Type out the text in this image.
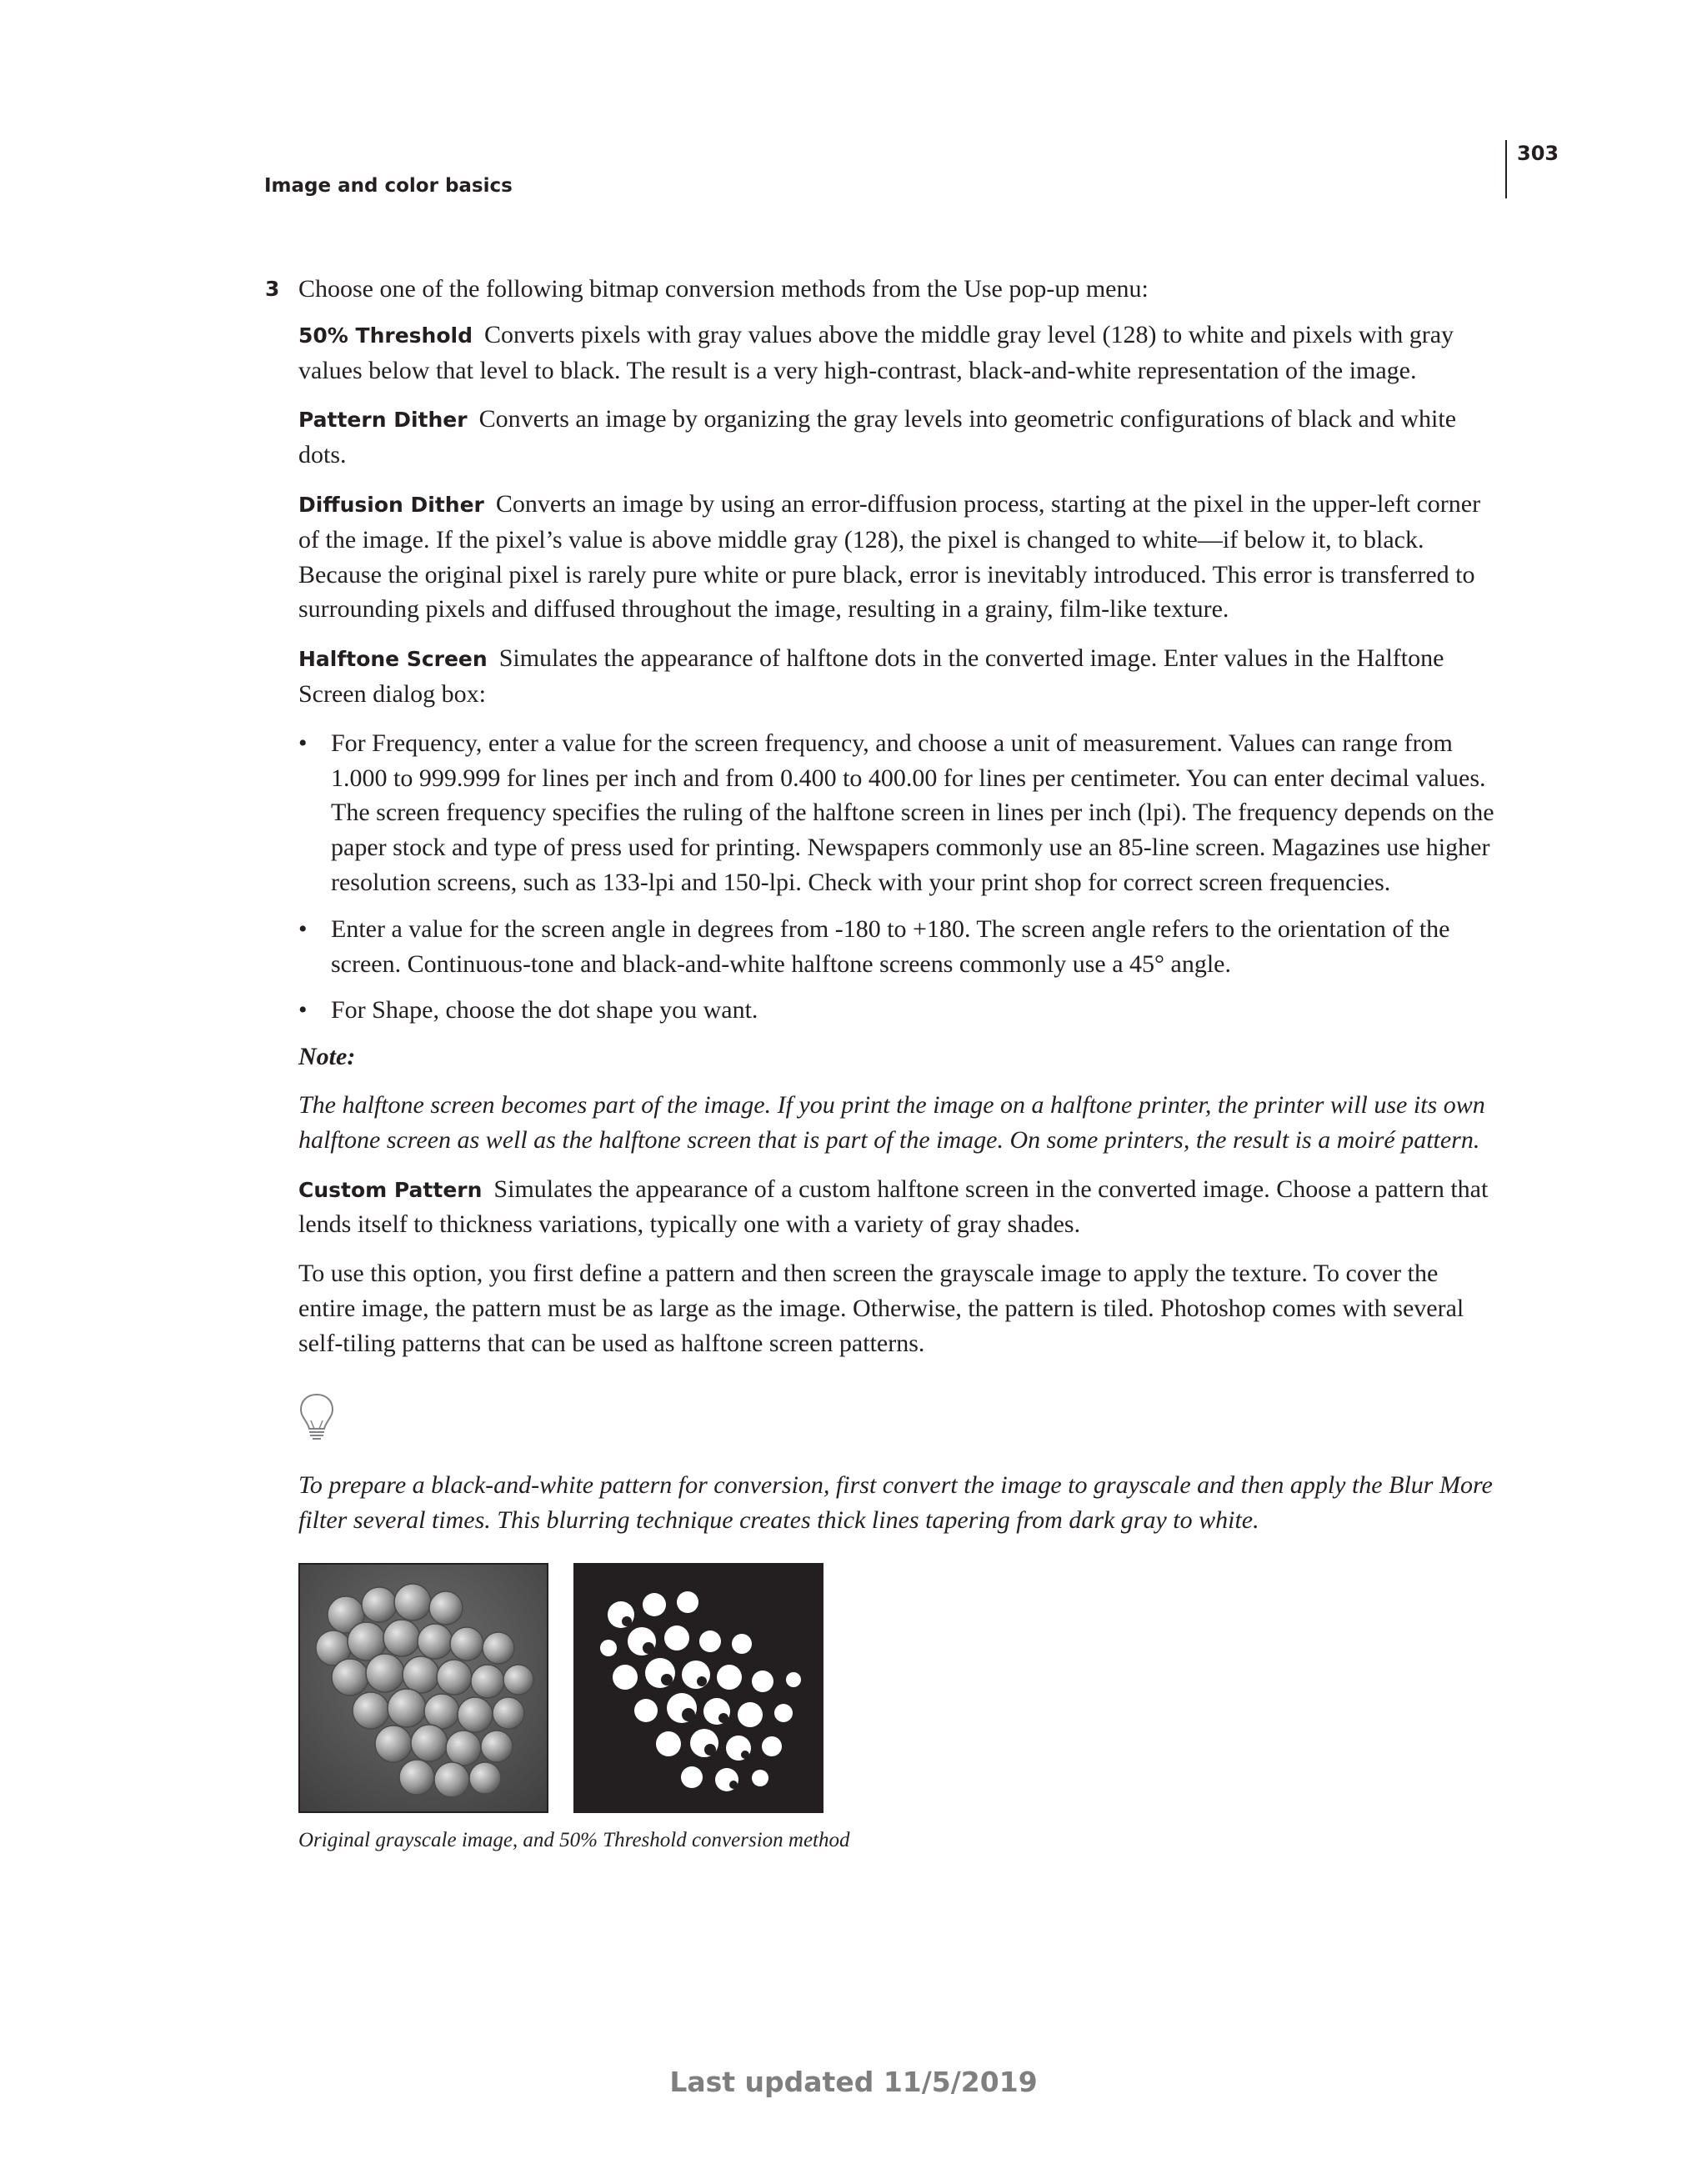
303
Image and color basics
3 Choose one of the following bitmap conversion methods from the Use pop-up menu:

50% Threshold Converts pixels with gray values above the middle gray level (128) to white and pixels with gray values below that level to black. The result is a very high-contrast, black-and-white representation of the image.

Pattern Dither Converts an image by organizing the gray levels into geometric configurations of black and white dots.

Diffusion Dither Converts an image by using an error-diffusion process, starting at the pixel in the upper-left corner of the image. If the pixel’s value is above middle gray (128), the pixel is changed to white—if below it, to black. Because the original pixel is rarely pure white or pure black, error is inevitably introduced. This error is transferred to surrounding pixels and diffused throughout the image, resulting in a grainy, film-like texture.

Halftone Screen Simulates the appearance of halftone dots in the converted image. Enter values in the Halftone Screen dialog box:

• For Frequency, enter a value for the screen frequency, and choose a unit of measurement. Values can range from 1.000 to 999.999 for lines per inch and from 0.400 to 400.00 for lines per centimeter. You can enter decimal values. The screen frequency specifies the ruling of the halftone screen in lines per inch (lpi). The frequency depends on the paper stock and type of press used for printing. Newspapers commonly use an 85-line screen. Magazines use higher resolution screens, such as 133-lpi and 150-lpi. Check with your print shop for correct screen frequencies.
• Enter a value for the screen angle in degrees from -180 to +180. The screen angle refers to the orientation of the screen. Continuous-tone and black-and-white halftone screens commonly use a 45° angle.
• For Shape, choose the dot shape you want.

Note:

The halftone screen becomes part of the image. If you print the image on a halftone printer, the printer will use its own halftone screen as well as the halftone screen that is part of the image. On some printers, the result is a moiré pattern.

Custom Pattern Simulates the appearance of a custom halftone screen in the converted image. Choose a pattern that lends itself to thickness variations, typically one with a variety of gray shades.

To use this option, you first define a pattern and then screen the grayscale image to apply the texture. To cover the entire image, the pattern must be as large as the image. Otherwise, the pattern is tiled. Photoshop comes with several self-tiling patterns that can be used as halftone screen patterns.

To prepare a black-and-white pattern for conversion, first convert the image to grayscale and then apply the Blur More filter several times. This blurring technique creates thick lines tapering from dark gray to white.

Original grayscale image, and 50% Threshold conversion method
Last updated 11/5/2019
